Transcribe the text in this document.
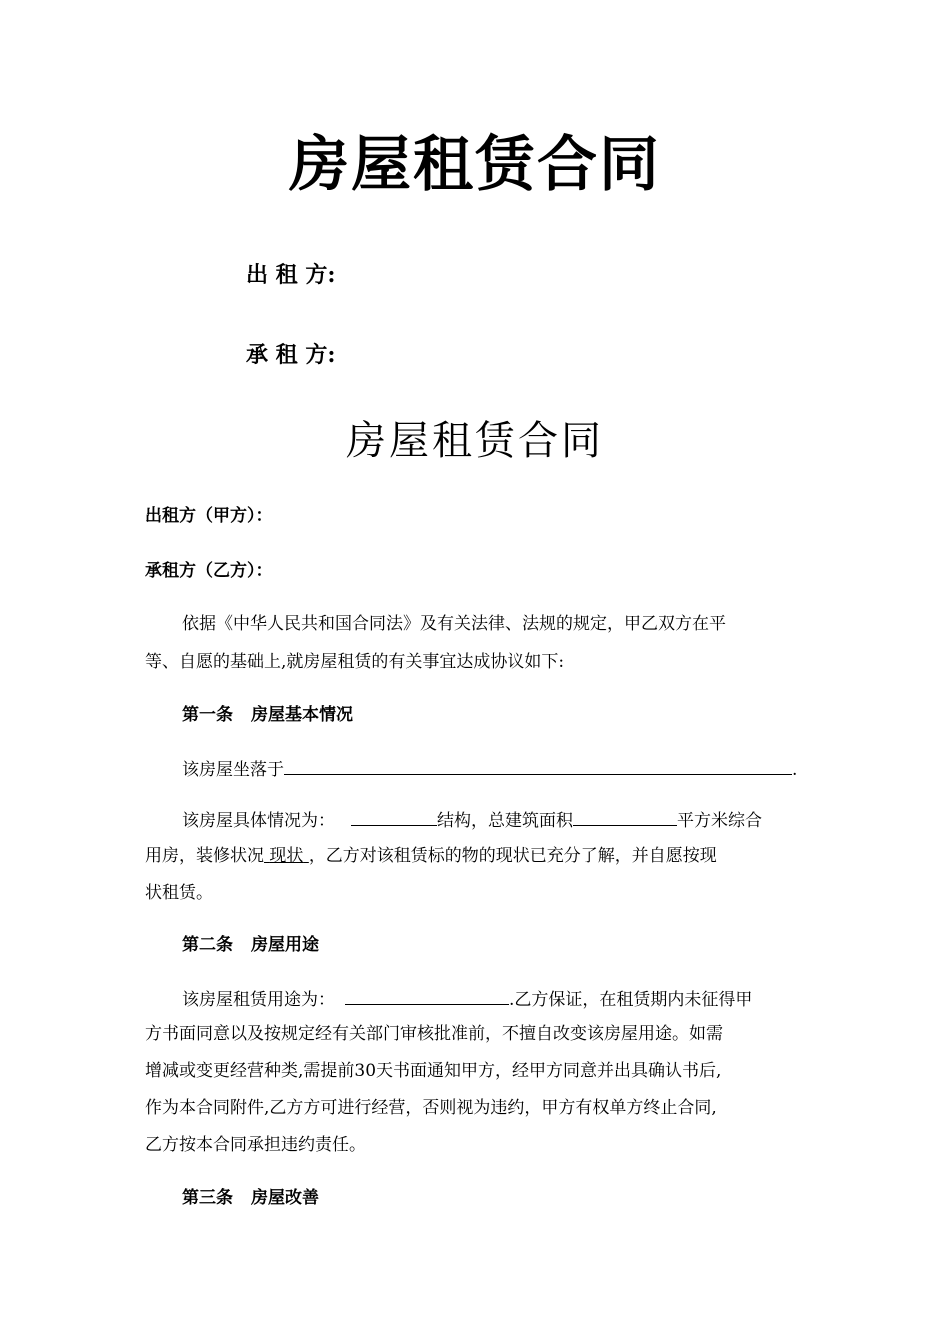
房屋租赁合同
出 租 方:
承 租 方:
房屋租赁合同
出租方（甲方）：
承租方（乙方）：
依据《中华人民共和国合同法》及有关法律、法规的规定，甲乙双方在平
等、自愿的基础上,就房屋租赁的有关事宜达成协议如下:
第一条 房屋基本情况
该房屋坐落于	.
该房屋具体情况为：	结构，总建筑面积	平方米综合
用房，装修状况 现状 ，乙方对该租赁标的物的现状已充分了解，并自愿按现
状租赁。
第二条 房屋用途
该房屋租赁用途为：	.乙方保证，在租赁期内未征得甲
方书面同意以及按规定经有关部门审核批准前，不擅自改变该房屋用途。如需
增减或变更经营种类,需提前30天书面通知甲方，经甲方同意并出具确认书后,
作为本合同附件,乙方方可进行经营，否则视为违约，甲方有权单方终止合同,
乙方按本合同承担违约责任。
第三条 房屋改善
